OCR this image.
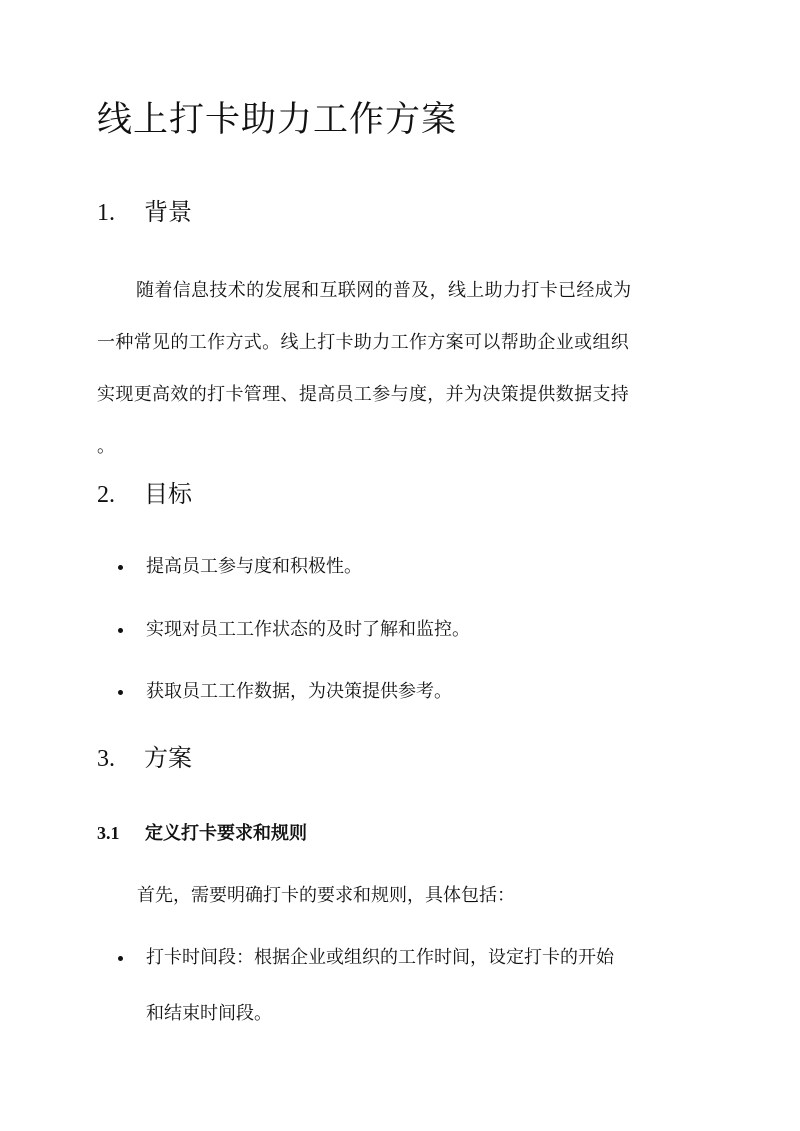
线上打卡助力工作方案
1. 背景

随着信息技术的发展和互联网的普及，线上助力打卡已经成为
一种常见的工作方式。线上打卡助力工作方案可以帮助企业或组织
实现更高效的打卡管理、提高员工参与度，并为决策提供数据支持
。

2. 目标
提高员工参与度和积极性。
实现对员工工作状态的及时了解和监控。
获取员工工作数据，为决策提供参考。
3. 方案
3.1 定义打卡要求和规则

首先，需要明确打卡的要求和规则，具体包括：

打卡时间段：根据企业或组织的工作时间，设定打卡的开始
和结束时间段。
